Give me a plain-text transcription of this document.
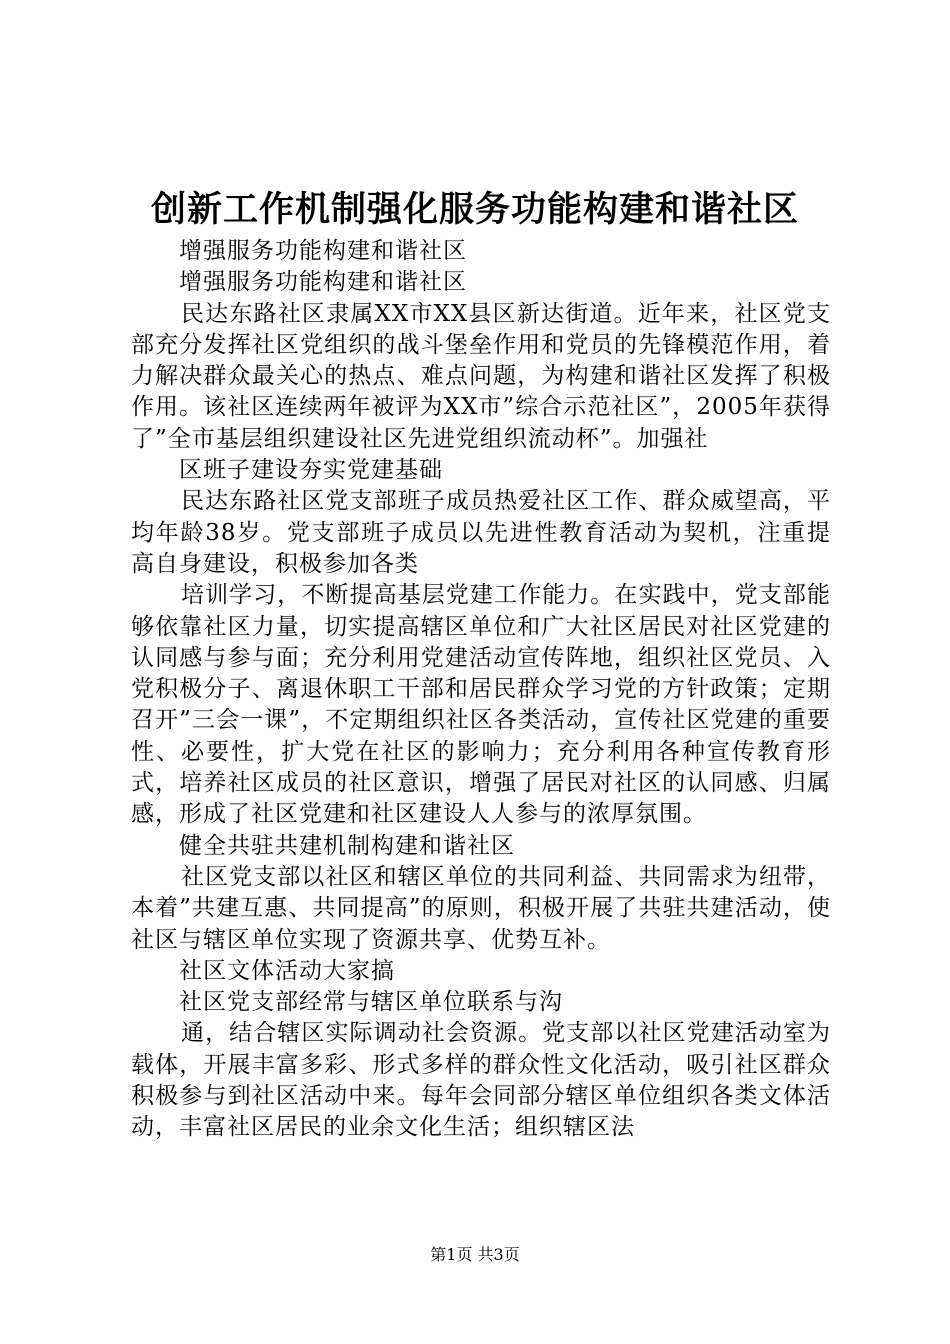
创新工作机制强化服务功能构建和谐社区

增强服务功能构建和谐社区

增强服务功能构建和谐社区

民达东路社区隶属XX市XX县区新达街道。近年来，社区党支部充分发挥社区党组织的战斗堡垒作用和党员的先锋模范作用，着力解决群众最关心的热点、难点问题，为构建和谐社区发挥了积极作用。该社区连续两年被评为XX市”综合示范社区”，2005年获得了”全市基层组织建设社区先进党组织流动杯”。加强社

区班子建设夯实党建基础

民达东路社区党支部班子成员热爱社区工作、群众威望高，平均年龄38岁。党支部班子成员以先进性教育活动为契机，注重提高自身建设，积极参加各类

培训学习，不断提高基层党建工作能力。在实践中，党支部能够依靠社区力量，切实提高辖区单位和广大社区居民对社区党建的认同感与参与面；充分利用党建活动宣传阵地，组织社区党员、入党积极分子、离退休职工干部和居民群众学习党的方针政策；定期召开”三会一课”，不定期组织社区各类活动，宣传社区党建的重要性、必要性，扩大党在社区的影响力；充分利用各种宣传教育形式，培养社区成员的社区意识，增强了居民对社区的认同感、归属感，形成了社区党建和社区建设人人参与的浓厚氛围。

健全共驻共建机制构建和谐社区

社区党支部以社区和辖区单位的共同利益、共同需求为纽带，本着”共建互惠、共同提高”的原则，积极开展了共驻共建活动，使社区与辖区单位实现了资源共享、优势互补。

社区文体活动大家搞

社区党支部经常与辖区单位联系与沟

通，结合辖区实际调动社会资源。党支部以社区党建活动室为载体，开展丰富多彩、形式多样的群众性文化活动，吸引社区群众积极参与到社区活动中来。每年会同部分辖区单位组织各类文体活动，丰富社区居民的业余文化生活；组织辖区法

第1页 共3页
